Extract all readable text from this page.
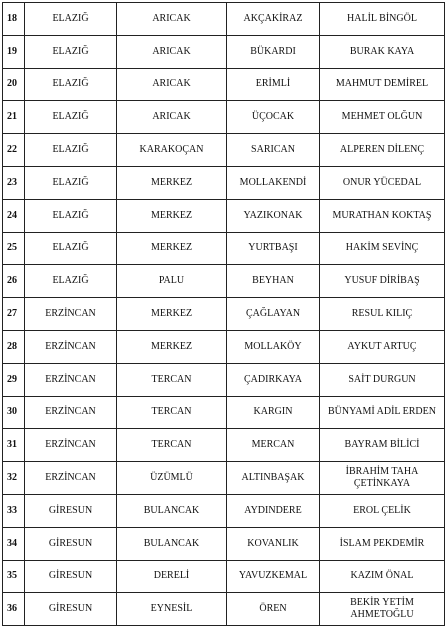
18	ELAZIĞ	ARICAK	AKÇAKİRAZ	HALİL BİNGÖL
19	ELAZIĞ	ARICAK	BÜKARDI	BURAK KAYA
20	ELAZIĞ	ARICAK	ERİMLİ	MAHMUT DEMİREL
21	ELAZIĞ	ARICAK	ÜÇOCAK	MEHMET OLĞUN
22	ELAZIĞ	KARAKOÇAN	SARICAN	ALPEREN DİLENÇ
23	ELAZIĞ	MERKEZ	MOLLAKENDİ	ONUR YÜCEDAL
24	ELAZIĞ	MERKEZ	YAZIKONAK	MURATHAN KOKTAŞ
25	ELAZIĞ	MERKEZ	YURTBAŞI	HAKİM SEVİNÇ
26	ELAZIĞ	PALU	BEYHAN	YUSUF DİRİBAŞ
27	ERZİNCAN	MERKEZ	ÇAĞLAYAN	RESUL KILIÇ
28	ERZİNCAN	MERKEZ	MOLLAKÖY	AYKUT ARTUÇ
29	ERZİNCAN	TERCAN	ÇADIRKAYA	SAİT DURGUN
30	ERZİNCAN	TERCAN	KARGIN	BÜNYAMİ ADİL ERDEN
31	ERZİNCAN	TERCAN	MERCAN	BAYRAM BİLİCİ
32	ERZİNCAN	ÜZÜMLÜ	ALTINBAŞAK	İBRAHİM TAHA ÇETİNKAYA
33	GİRESUN	BULANCAK	AYDINDERE	EROL ÇELİK
34	GİRESUN	BULANCAK	KOVANLIK	İSLAM PEKDEMİR
35	GİRESUN	DERELİ	YAVUZKEMAL	KAZIM ÖNAL
36	GİRESUN	EYNESİL	ÖREN	BEKİR YETİM AHMETOĞLU
